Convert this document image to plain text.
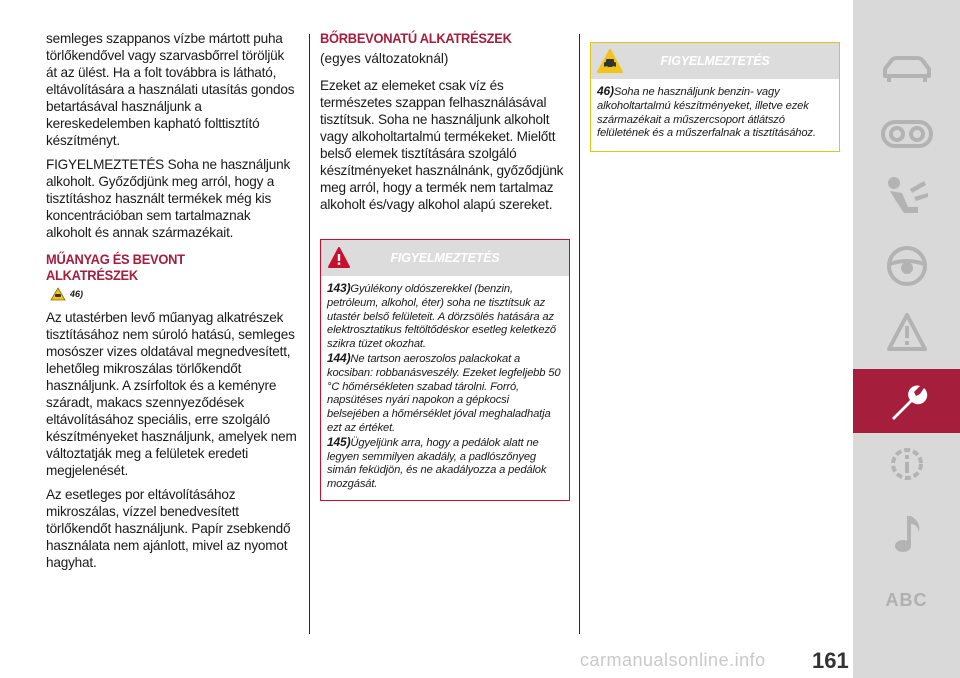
semleges szappanos vízbe mártott puha törlőkendővel vagy szarvasbőrrel töröljük át az ülést. Ha a folt továbbra is látható, eltávolítására a használati utasítás gondos betartásával használjunk a kereskedelemben kapható folttisztító készítményt.

FIGYELMEZTETÉS Soha ne használjunk alkoholt. Győződjünk meg arról, hogy a tisztításhoz használt termékek még kis koncentrációban sem tartalmaznak alkoholt és annak származékait.

MŰANYAG ÉS BEVONT ALKATRÉSZEK
46)

Az utastérben levő műanyag alkatrészek tisztításához nem súroló hatású, semleges mosószer vizes oldatával megnedvesített, lehetőleg mikroszálas törlőkendőt használjunk. A zsírfoltok és a keményre száradt, makacs szennyeződések eltávolításához speciális, erre szolgáló készítményeket használjunk, amelyek nem változtatják meg a felületek eredeti megjelenését.

Az esetleges por eltávolításához mikroszálas, vízzel benedvesített törlőkendőt használjunk. Papír zsebkendő használata nem ajánlott, mivel az nyomot hagyhat.

BŐRBEVONATÚ ALKATRÉSZEK
(egyes változatoknál)

Ezeket az elemeket csak víz és természetes szappan felhasználásával tisztítsuk. Soha ne használjunk alkoholt vagy alkoholtartalmú termékeket. Mielőtt belső elemek tisztítására szolgáló készítményeket használnánk, győződjünk meg arról, hogy a termék nem tartalmaz alkoholt és/vagy alkohol alapú szereket.

FIGYELMEZTETÉS

143)Gyúlékony oldószerekkel (benzin, petróleum, alkohol, éter) soha ne tisztítsuk az utastér belső felületeit. A dörzsölés hatására az elektrosztatikus feltöltődéskor esetleg keletkező szikra tüzet okozhat.

144)Ne tartson aeroszolos palackokat a kocsiban: robbanásveszély. Ezeket legfeljebb 50 °C hőmérsékleten szabad tárolni. Forró, napsütéses nyári napokon a gépkocsi belsejében a hőmérséklet jóval meghaladhatja ezt az értéket.

145)Ügyeljünk arra, hogy a pedálok alatt ne legyen semmilyen akadály, a padlószőnyeg simán feküdjön, és ne akadályozza a pedálok mozgását.

FIGYELMEZTETÉS

46)Soha ne használjunk benzin- vagy alkoholtartalmú készítményeket, illetve ezek származékait a műszercsoport átlátszó felületének és a műszerfalnak a tisztításához.

ABC
carmanualsonline.info 161
